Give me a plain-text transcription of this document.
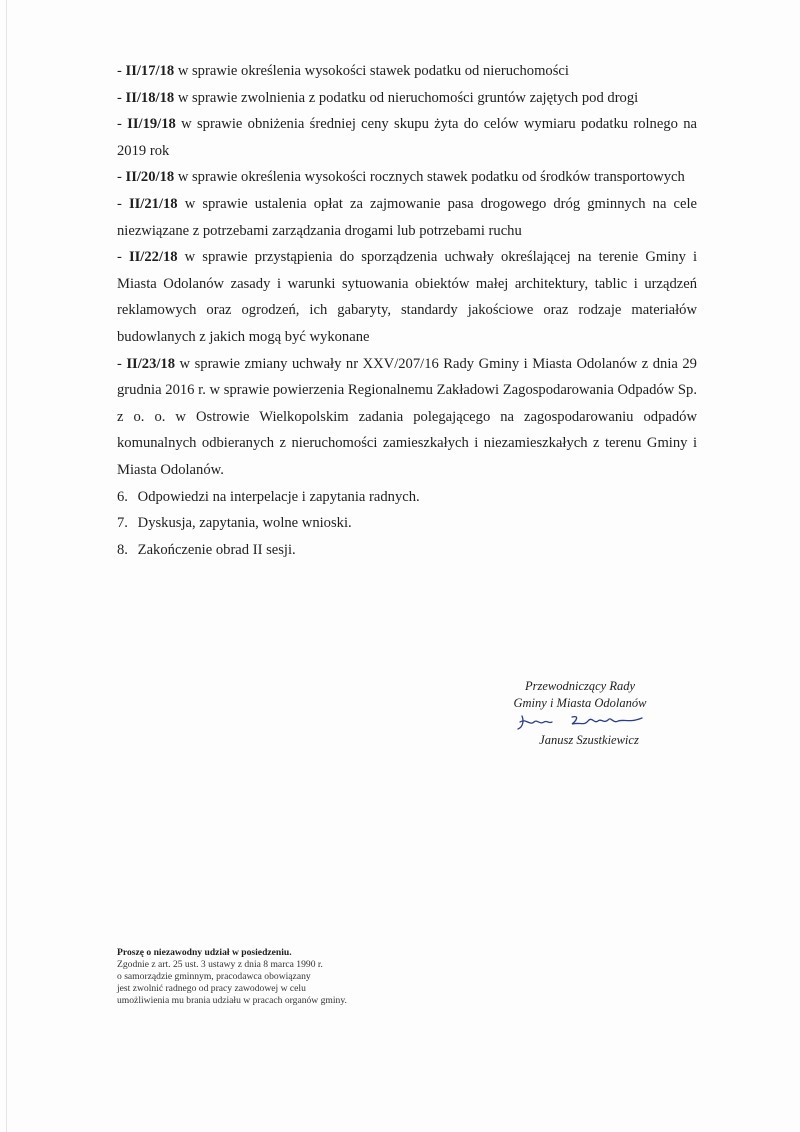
- II/17/18 w sprawie określenia wysokości stawek podatku od nieruchomości

- II/18/18 w sprawie zwolnienia z podatku od nieruchomości gruntów zajętych pod drogi

- II/19/18 w sprawie obniżenia średniej ceny skupu żyta do celów wymiaru podatku rolnego na 2019 rok

- II/20/18 w sprawie określenia wysokości rocznych stawek podatku od środków transportowych

- II/21/18 w sprawie ustalenia opłat za zajmowanie pasa drogowego dróg gminnych na cele niezwiązane z potrzebami zarządzania drogami lub potrzebami ruchu

- II/22/18 w sprawie przystąpienia do sporządzenia uchwały określającej na terenie Gminy i Miasta Odolanów zasady i warunki sytuowania obiektów małej architektury, tablic i urządzeń reklamowych oraz ogrodzeń, ich gabaryty, standardy jakościowe oraz rodzaje materiałów budowlanych z jakich mogą być wykonane

- II/23/18 w sprawie zmiany uchwały nr XXV/207/16 Rady Gminy i Miasta Odolanów z dnia 29 grudnia 2016 r. w sprawie powierzenia Regionalnemu Zakładowi Zagospodarowania Odpadów Sp. z o. o. w Ostrowie Wielkopolskim zadania polegającego na zagospodarowaniu odpadów komunalnych odbieranych z nieruchomości zamieszkałych i niezamieszkałych z terenu Gminy i Miasta Odolanów.

6. Odpowiedzi na interpelacje i zapytania radnych.
7. Dyskusja, zapytania, wolne wnioski.
8. Zakończenie obrad II sesji.
Przewodniczący Rady
Gminy i Miasta Odolanów
Janusz Szustkiewicz
Proszę o niezawodny udział w posiedzeniu.
Zgodnie z art. 25 ust. 3 ustawy z dnia 8 marca 1990 r.
o samorządzie gminnym, pracodawca obowiązany
jest zwolnić radnego od pracy zawodowej w celu
umożliwienia mu brania udziału w pracach organów gminy.
